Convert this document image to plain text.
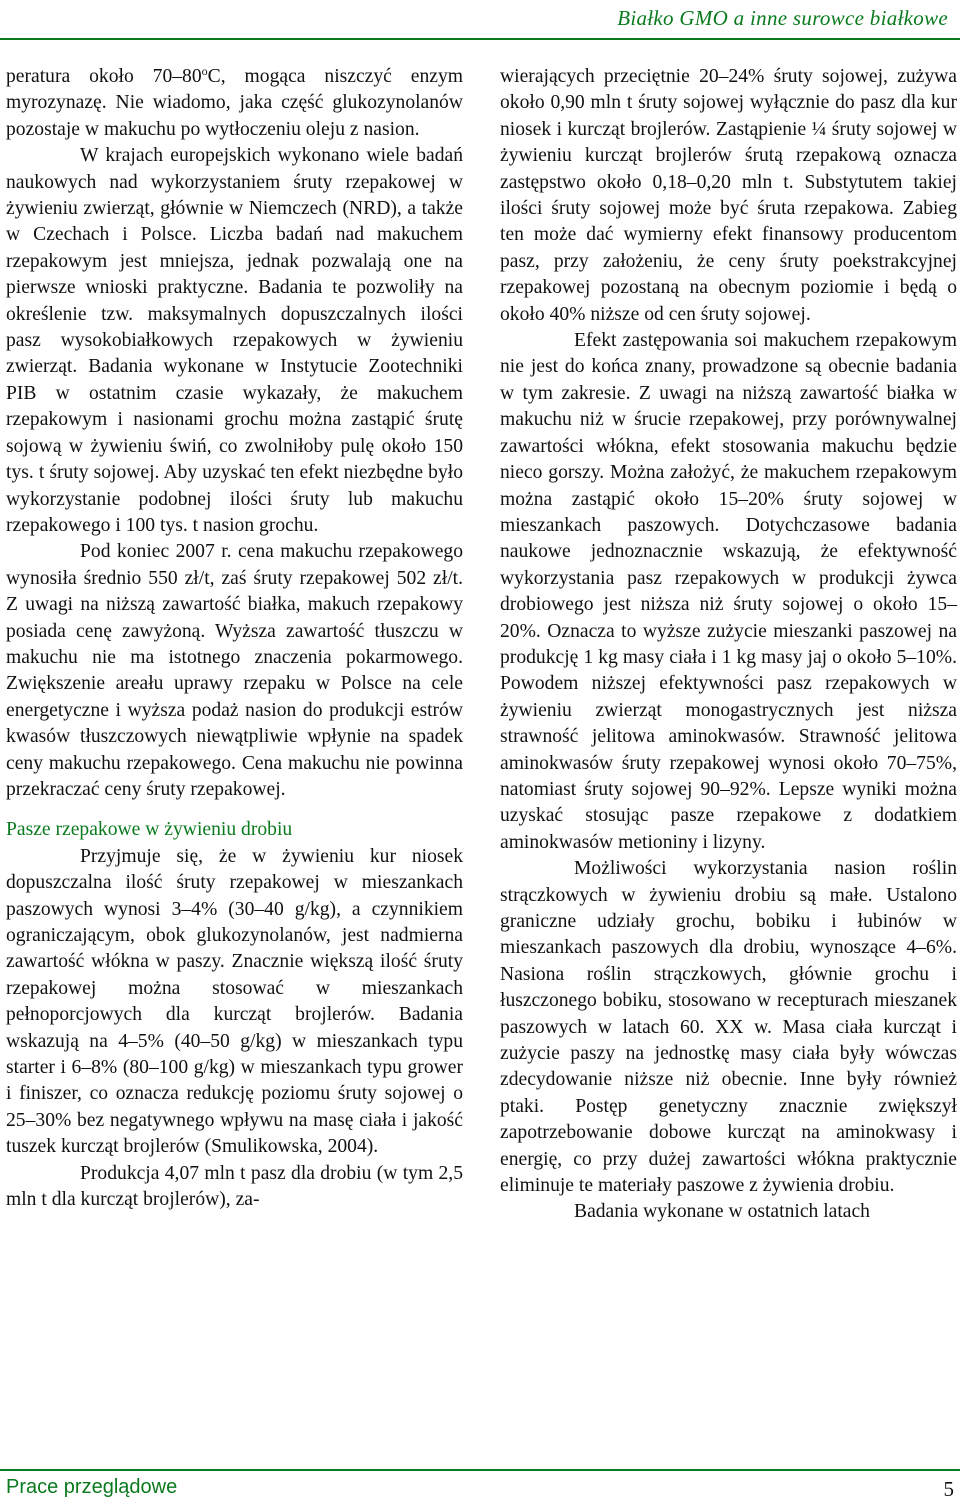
Białko GMO a inne surowce białkowe

peratura około 70–80$^o$C, mogąca niszczyć enzym myrozynazę. Nie wiadomo, jaka część glukozynolanów pozostaje w makuchu po wytłoczeniu oleju z nasion.

W krajach europejskich wykonano wiele badań naukowych nad wykorzystaniem śruty rzepakowej w żywieniu zwierząt, głównie w Niemczech (NRD), a także w Czechach i Polsce. Liczba badań nad makuchem rzepakowym jest mniejsza, jednak pozwalają one na pierwsze wnioski praktyczne. Badania te pozwoliły na określenie tzw. maksymalnych dopuszczalnych ilości pasz wysokobiałkowych rzepakowych w żywieniu zwierząt. Badania wykonane w Instytucie Zootechniki PIB w ostatnim czasie wykazały, że makuchem rzepakowym i nasionami grochu można zastąpić śrutę sojową w żywieniu świń, co zwolniłoby pulę około 150 tys. t śruty sojowej. Aby uzyskać ten efekt niezbędne było wykorzystanie podobnej ilości śruty lub makuchu rzepakowego i 100 tys. t nasion grochu.

Pod koniec 2007 r. cena makuchu rzepakowego wynosiła średnio 550 zł/t, zaś śruty rzepakowej 502 zł/t. Z uwagi na niższą zawartość białka, makuch rzepakowy posiada cenę zawyżoną. Wyższa zawartość tłuszczu w makuchu nie ma istotnego znaczenia pokarmowego. Zwiększenie areału uprawy rzepaku w Polsce na cele energetyczne i wyższa podaż nasion do produkcji estrów kwasów tłuszczowych niewątpliwie wpłynie na spadek ceny makuchu rzepakowego. Cena makuchu nie powinna przekraczać ceny śruty rzepakowej.

Pasze rzepakowe w żywieniu drobiu

Przyjmuje się, że w żywieniu kur niosek dopuszczalna ilość śruty rzepakowej w mieszankach paszowych wynosi 3–4% (30–40 g/kg), a czynnikiem ograniczającym, obok glukozynolanów, jest nadmierna zawartość włókna w paszy. Znacznie większą ilość śruty rzepakowej można stosować w mieszankach pełnoporcjowych dla kurcząt brojlerów. Badania wskazują na 4–5% (40–50 g/kg) w mieszankach typu starter i 6–8% (80–100 g/kg) w mieszankach typu grower i finiszer, co oznacza redukcję poziomu śruty sojowej o 25–30% bez negatywnego wpływu na masę ciała i jakość tuszek kurcząt brojlerów (Smulikowska, 2004).

Produkcja 4,07 mln t pasz dla drobiu (w tym 2,5 mln t dla kurcząt brojlerów), za-

wierających przeciętnie 20–24% śruty sojowej, zużywa około 0,90 mln t śruty sojowej wyłącznie do pasz dla kur niosek i kurcząt brojlerów. Zastąpienie ¼ śruty sojowej w żywieniu kurcząt brojlerów śrutą rzepakową oznacza zastępstwo około 0,18–0,20 mln t. Substytutem takiej ilości śruty sojowej może być śruta rzepakowa. Zabieg ten może dać wymierny efekt finansowy producentom pasz, przy założeniu, że ceny śruty poekstrakcyjnej rzepakowej pozostaną na obecnym poziomie i będą o około 40% niższe od cen śruty sojowej.

Efekt zastępowania soi makuchem rzepakowym nie jest do końca znany, prowadzone są obecnie badania w tym zakresie. Z uwagi na niższą zawartość białka w makuchu niż w śrucie rzepakowej, przy porównywalnej zawartości włókna, efekt stosowania makuchu będzie nieco gorszy. Można założyć, że makuchem rzepakowym można zastąpić około 15–20% śruty sojowej w mieszankach paszowych. Dotychczasowe badania naukowe jednoznacznie wskazują, że efektywność wykorzystania pasz rzepakowych w produkcji żywca drobiowego jest niższa niż śruty sojowej o około 15–20%. Oznacza to wyższe zużycie mieszanki paszowej na produkcję 1 kg masy ciała i 1 kg masy jaj o około 5–10%. Powodem niższej efektywności pasz rzepakowych w żywieniu zwierząt monogastrycznych jest niższa strawność jelitowa aminokwasów. Strawność jelitowa aminokwasów śruty rzepakowej wynosi około 70–75%, natomiast śruty sojowej 90–92%. Lepsze wyniki można uzyskać stosując pasze rzepakowe z dodatkiem aminokwasów metioniny i lizyny.

Możliwości wykorzystania nasion roślin strączkowych w żywieniu drobiu są małe. Ustalono graniczne udziały grochu, bobiku i łubinów w mieszankach paszowych dla drobiu, wynoszące 4–6%. Nasiona roślin strączkowych, głównie grochu i łuszczonego bobiku, stosowano w recepturach mieszanek paszowych w latach 60. XX w. Masa ciała kurcząt i zużycie paszy na jednostkę masy ciała były wówczas zdecydowanie niższe niż obecnie. Inne były również ptaki. Postęp genetyczny znacznie zwiększył zapotrzebowanie dobowe kurcząt na aminokwasy i energię, co przy dużej zawartości włókna praktycznie eliminuje te materiały paszowe z żywienia drobiu.

Badania wykonane w ostatnich latach

Prace przeglądowe	5
